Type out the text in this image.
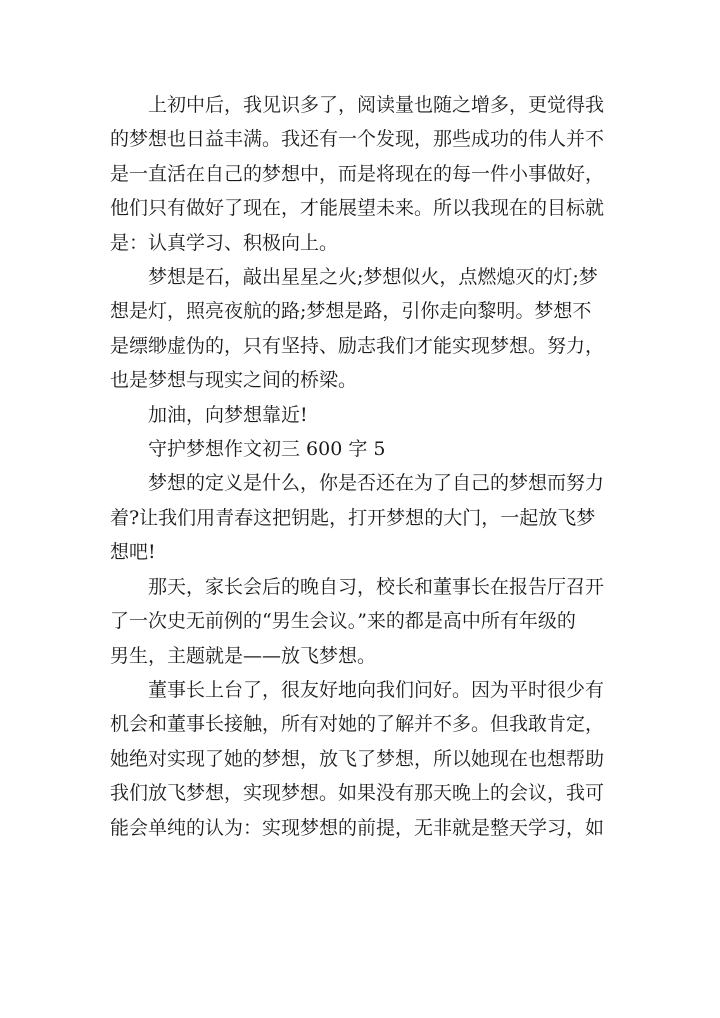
上初中后，我见识多了，阅读量也随之增多，更觉得我
的梦想也日益丰满。我还有一个发现，那些成功的伟人并不
是一直活在自己的梦想中，而是将现在的每一件小事做好，
他们只有做好了现在，才能展望未来。所以我现在的目标就
是：认真学习、积极向上。

梦想是石，敲出星星之火;梦想似火，点燃熄灭的灯;梦
想是灯，照亮夜航的路;梦想是路，引你走向黎明。梦想不
是缥缈虚伪的，只有坚持、励志我们才能实现梦想。努力，
也是梦想与现实之间的桥梁。

加油，向梦想靠近!

守护梦想作文初三 600 字 5

梦想的定义是什么，你是否还在为了自己的梦想而努力
着?让我们用青春这把钥匙，打开梦想的大门，一起放飞梦
想吧!

那天，家长会后的晚自习，校长和董事长在报告厅召开
了一次史无前例的“男生会议。”来的都是高中所有年级的
男生，主题就是——放飞梦想。

董事长上台了，很友好地向我们问好。因为平时很少有
机会和董事长接触，所有对她的了解并不多。但我敢肯定，
她绝对实现了她的梦想，放飞了梦想，所以她现在也想帮助
我们放飞梦想，实现梦想。如果没有那天晚上的会议，我可
能会单纯的认为：实现梦想的前提，无非就是整天学习，如
